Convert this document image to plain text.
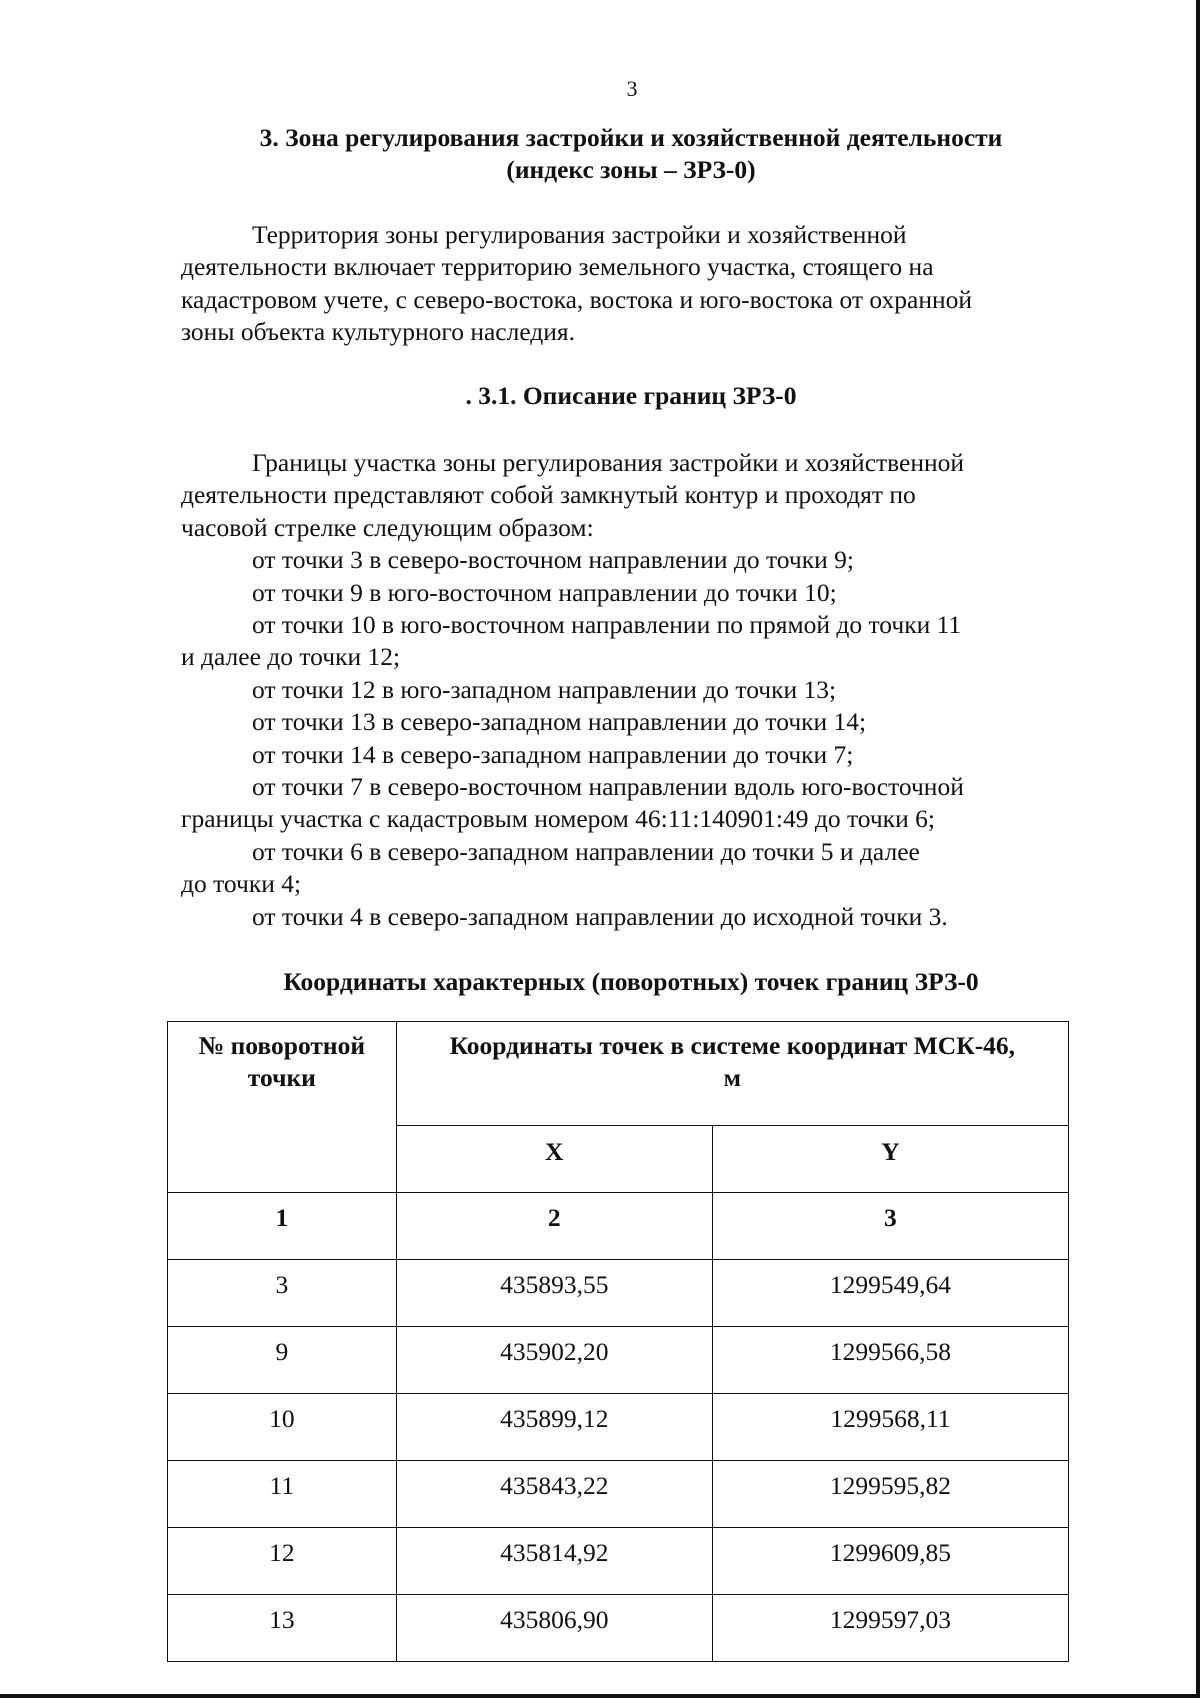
3
3. Зона регулирования застройки и хозяйственной деятельности
(индекс зоны – ЗРЗ-0)
Территория зоны регулирования застройки и хозяйственной
деятельности включает территорию земельного участка, стоящего на
кадастровом учете, с северо-востока, востока и юго-востока от охранной
зоны объекта культурного наследия.
. 3.1. Описание границ ЗРЗ-0
Границы участка зоны регулирования застройки и хозяйственной
деятельности представляют собой замкнутый контур и проходят по
часовой стрелке следующим образом:
от точки 3 в северо-восточном направлении до точки 9;
от точки 9 в юго-восточном направлении до точки 10;
от точки 10 в юго-восточном направлении по прямой до точки 11
и далее до точки 12;
от точки 12 в юго-западном направлении до точки 13;
от точки 13 в северо-западном направлении до точки 14;
от точки 14 в северо-западном направлении до точки 7;
от точки 7 в северо-восточном направлении вдоль юго-восточной
границы участка с кадастровым номером 46:11:140901:49 до точки 6;
от точки 6 в северо-западном направлении до точки 5 и далее
до точки 4;
от точки 4 в северо-западном направлении до исходной точки 3.
Координаты характерных (поворотных) точек границ ЗРЗ-0
№ поворотной
точки	Координаты точек в системе координат МСК-46,
м	

	X	Y
1	2	3
3	435893,55	1299549,64
9	435902,20	1299566,58
10	435899,12	1299568,11
11	435843,22	1299595,82
12	435814,92	1299609,85
13	435806,90	1299597,03
